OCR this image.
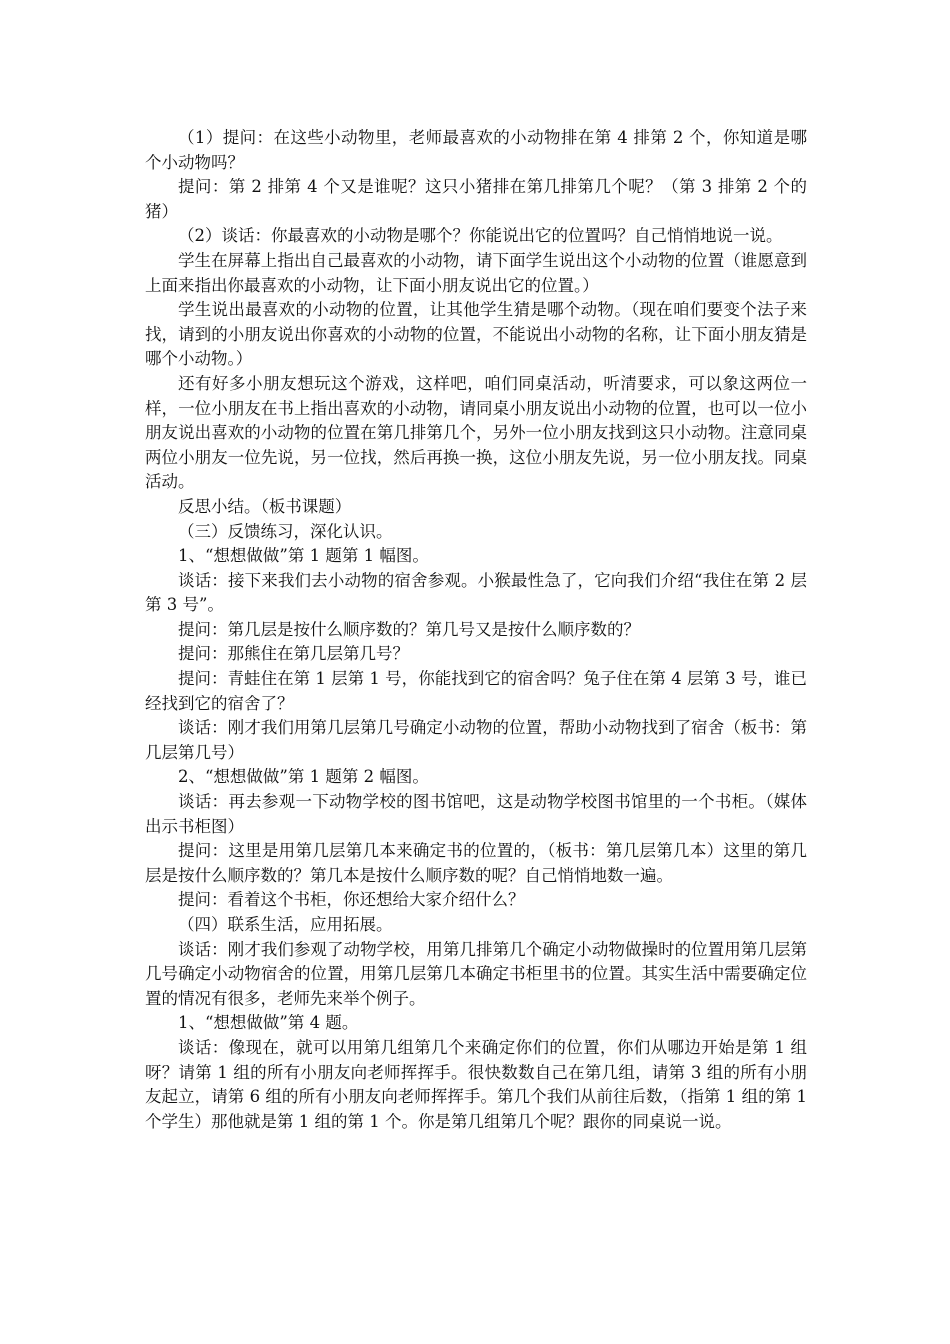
（1）提问：在这些小动物里，老师最喜欢的小动物排在第 4 排第 2 个，你知道是哪个小动物吗？

提问：第 2 排第 4 个又是谁呢？这只小猪排在第几排第几个呢？（第 3 排第 2 个的猪）

（2）谈话：你最喜欢的小动物是哪个？你能说出它的位置吗？自己悄悄地说一说。

学生在屏幕上指出自己最喜欢的小动物，请下面学生说出这个小动物的位置（谁愿意到上面来指出你最喜欢的小动物，让下面小朋友说出它的位置。）

学生说出最喜欢的小动物的位置，让其他学生猜是哪个动物。（现在咱们要变个法子来找，请到的小朋友说出你喜欢的小动物的位置，不能说出小动物的名称，让下面小朋友猜是哪个小动物。）

还有好多小朋友想玩这个游戏，这样吧，咱们同桌活动，听清要求，可以象这两位一样，一位小朋友在书上指出喜欢的小动物，请同桌小朋友说出小动物的位置，也可以一位小朋友说出喜欢的小动物的位置在第几排第几个，另外一位小朋友找到这只小动物。注意同桌两位小朋友一位先说，另一位找，然后再换一换，这位小朋友先说，另一位小朋友找。同桌活动。

反思小结。（板书课题）

（三）反馈练习，深化认识。

1、“想想做做”第 1 题第 1 幅图。

谈话：接下来我们去小动物的宿舍参观。小猴最性急了，它向我们介绍“我住在第 2 层第 3 号”。

提问：第几层是按什么顺序数的？第几号又是按什么顺序数的？

提问：那熊住在第几层第几号？

提问：青蛙住在第 1 层第 1 号，你能找到它的宿舍吗？兔子住在第 4 层第 3 号，谁已经找到它的宿舍了？

谈话：刚才我们用第几层第几号确定小动物的位置，帮助小动物找到了宿舍（板书：第几层第几号）

2、“想想做做”第 1 题第 2 幅图。

谈话：再去参观一下动物学校的图书馆吧，这是动物学校图书馆里的一个书柜。（媒体出示书柜图）

提问：这里是用第几层第几本来确定书的位置的，（板书：第几层第几本）这里的第几层是按什么顺序数的？第几本是按什么顺序数的呢？自己悄悄地数一遍。

提问：看着这个书柜，你还想给大家介绍什么？

（四）联系生活，应用拓展。

谈话：刚才我们参观了动物学校，用第几排第几个确定小动物做操时的位置用第几层第几号确定小动物宿舍的位置，用第几层第几本确定书柜里书的位置。其实生活中需要确定位置的情况有很多，老师先来举个例子。

1、“想想做做”第 4 题。

谈话：像现在，就可以用第几组第几个来确定你们的位置，你们从哪边开始是第 1 组呀？请第 1 组的所有小朋友向老师挥挥手。很快数数自己在第几组，请第 3 组的所有小朋友起立，请第 6 组的所有小朋友向老师挥挥手。第几个我们从前往后数，（指第 1 组的第 1 个学生）那他就是第 1 组的第 1 个。你是第几组第几个呢？跟你的同桌说一说。
